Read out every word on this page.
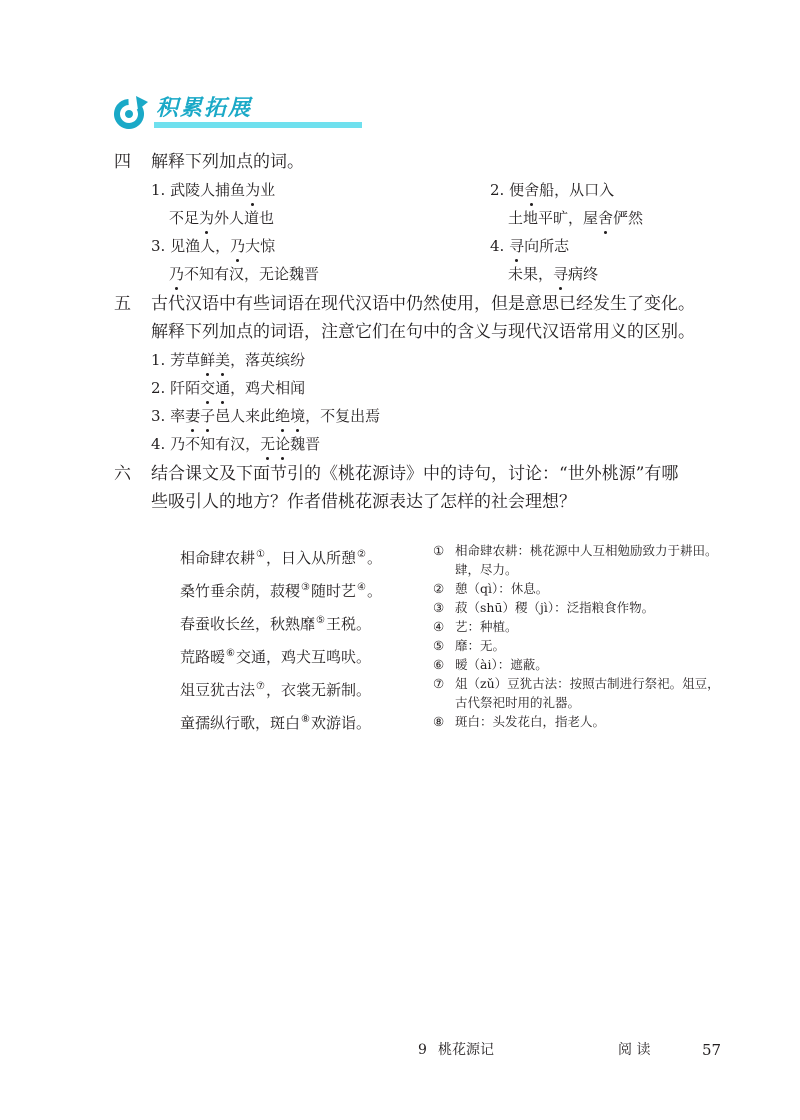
积累拓展
四 解释下列加点的词。
1. 武陵人捕鱼为业
不足为外人道也
2. 便舍船，从口入
土地平旷，屋舍俨然
3. 见渔人，乃大惊
乃不知有汉，无论魏晋
4. 寻向所志
未果，寻病终
五 古代汉语中有些词语在现代汉语中仍然使用，但是意思已经发生了变化。
解释下列加点的词语，注意它们在句中的含义与现代汉语常用义的区别。
1. 芳草鲜美，落英缤纷
2. 阡陌交通，鸡犬相闻
3. 率妻子邑人来此绝境，不复出焉
4. 乃不知有汉，无论魏晋
六 结合课文及下面节引的《桃花源诗》中的诗句，讨论：“世外桃源”有哪
些吸引人的地方？作者借桃花源表达了怎样的社会理想？
相命肆农耕①，日入从所憩②。
桑竹垂余荫，菽稷③随时艺④。
春蚕收长丝，秋熟靡⑤王税。
荒路暧⑥交通，鸡犬互鸣吠。
俎豆犹古法⑦，衣裳无新制。
童孺纵行歌，斑白⑧欢游诣。
① 相命肆农耕：桃花源中人互相勉励致力于耕田。肆，尽力。
② 憩（qì）：休息。
③ 菽（shū）稷（jì）：泛指粮食作物。
④ 艺：种植。
⑤ 靡：无。
⑥ 暧（ài）：遮蔽。
⑦ 俎（zǔ）豆犹古法：按照古制进行祭祀。俎豆，古代祭祀时用的礼器。
⑧ 斑白：头发花白，指老人。
9 桃花源记	阅 读	57
